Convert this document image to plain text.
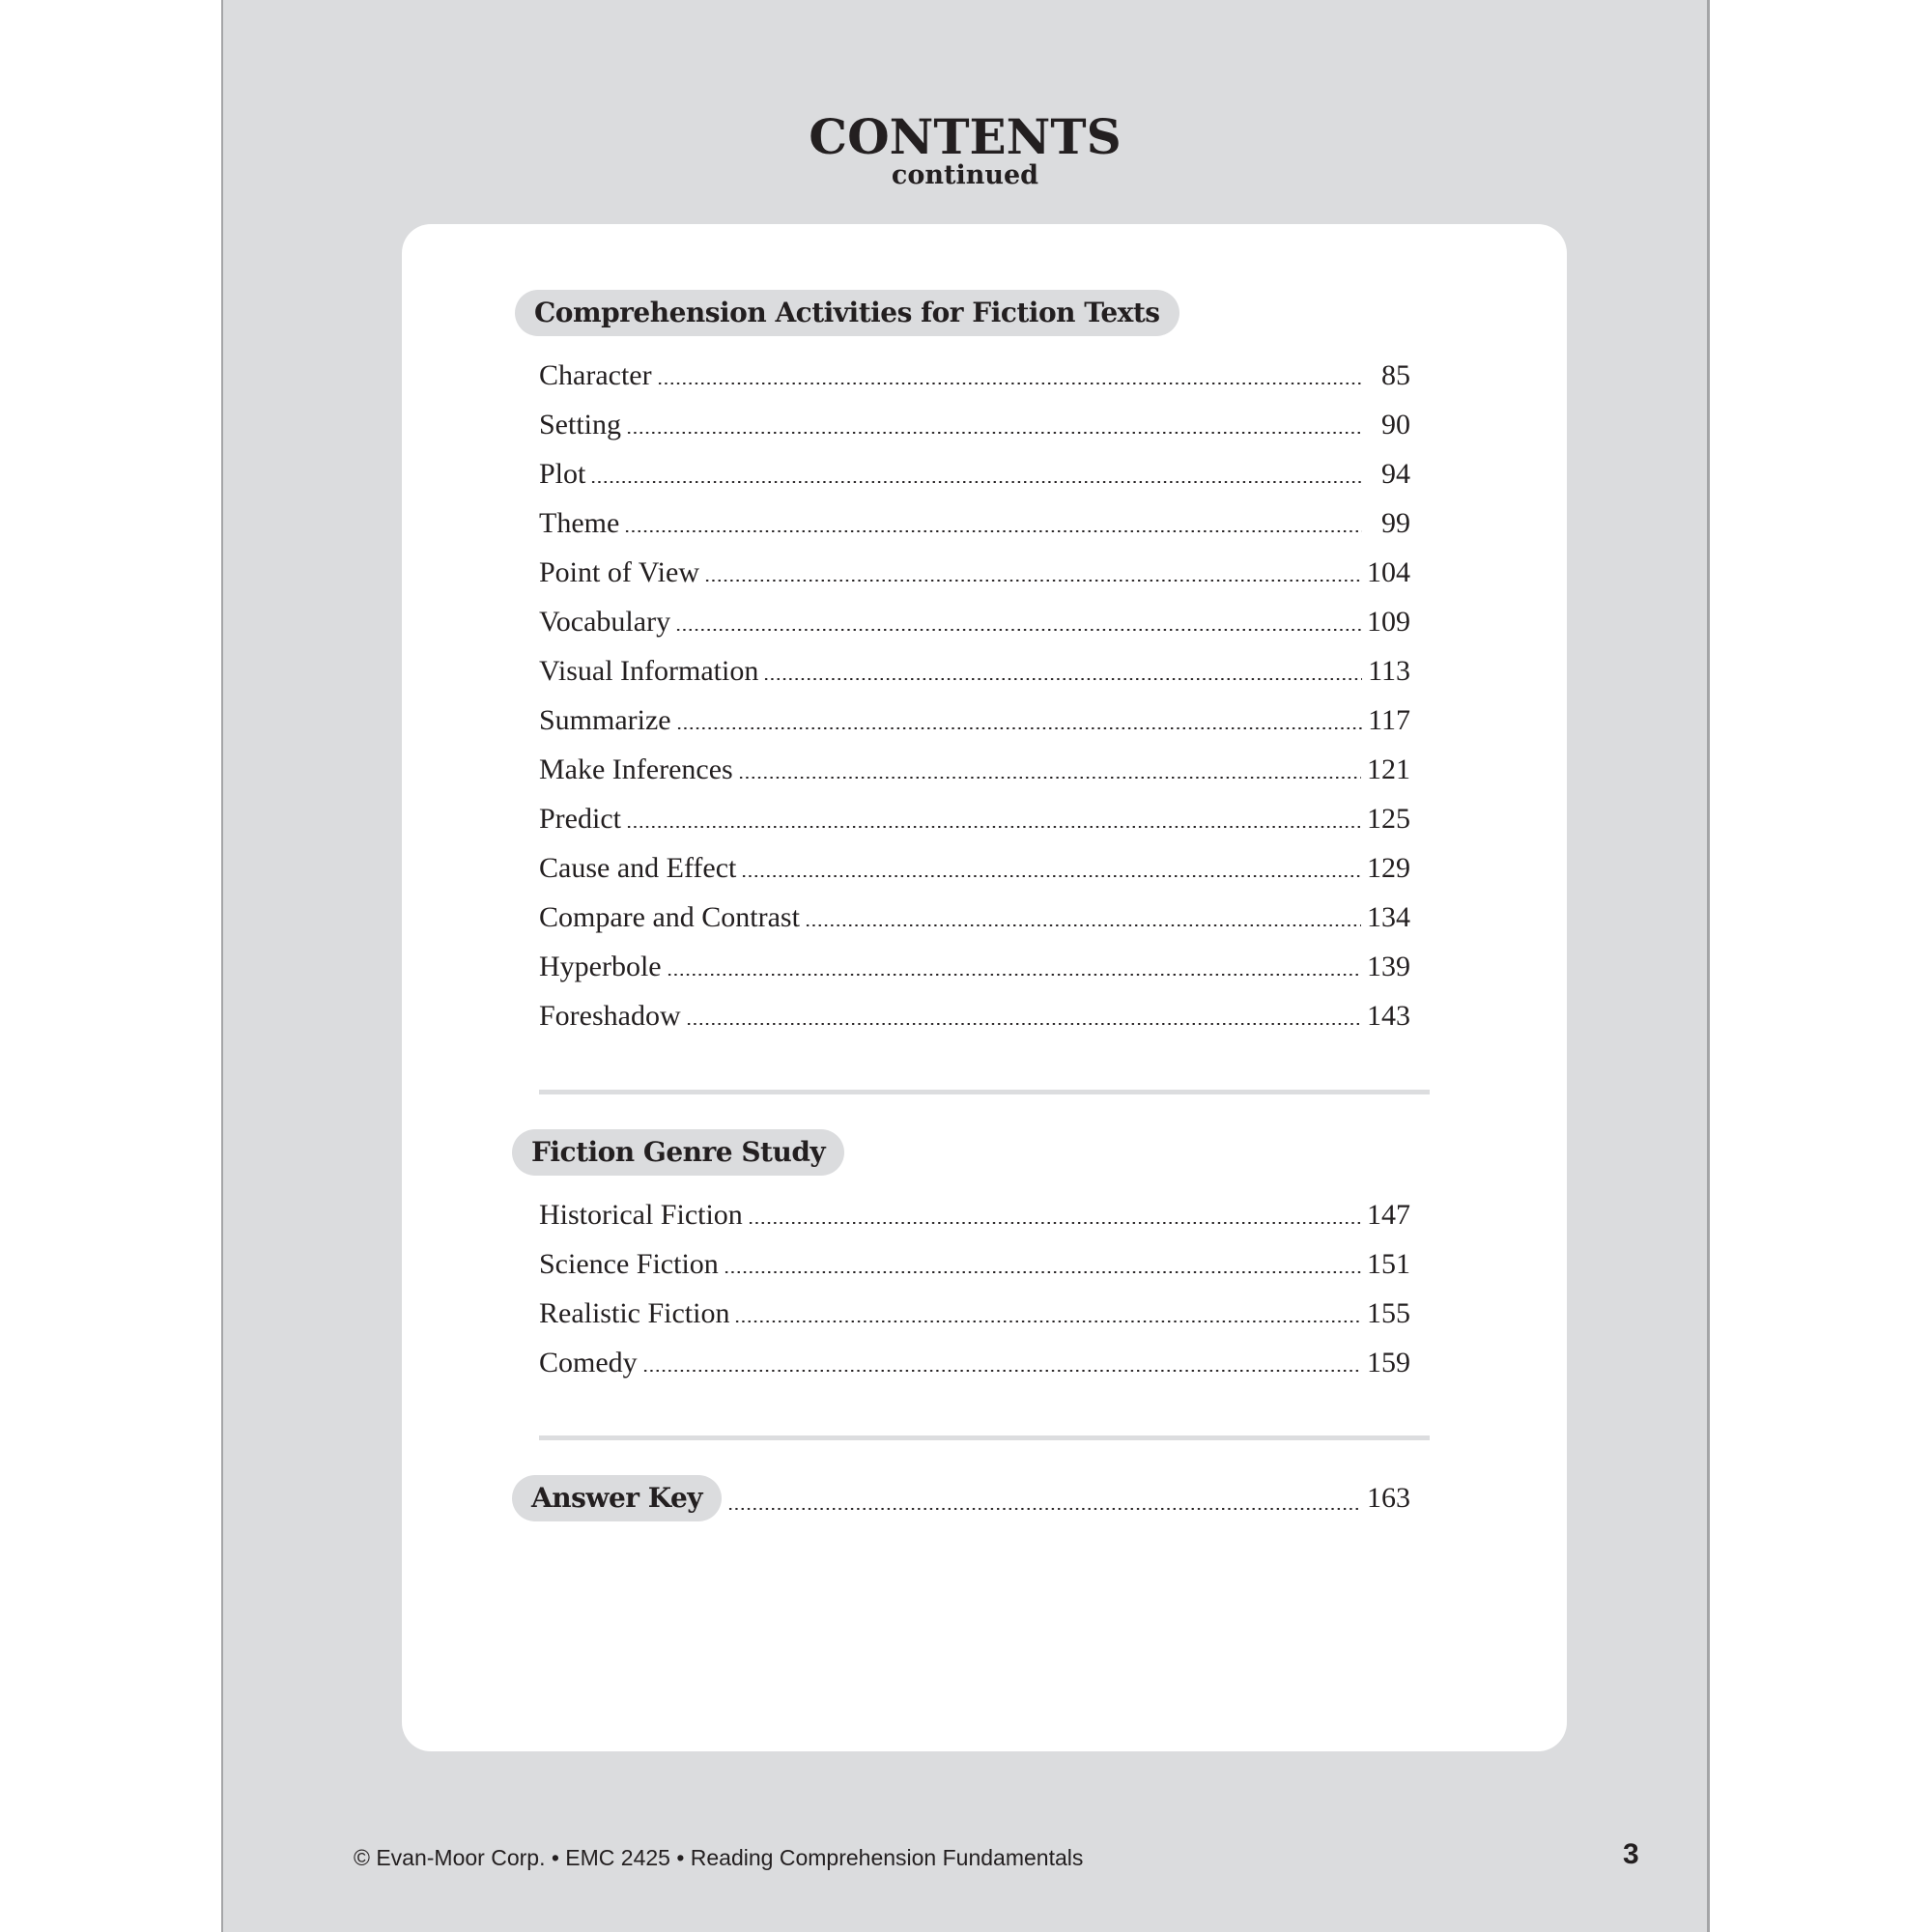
CONTENTS
continued
Comprehension Activities for Fiction Texts
Character	85
Setting	90
Plot	94
Theme	99
Point of View	104
Vocabulary	109
Visual Information	113
Summarize	117
Make Inferences	121
Predict	125
Cause and Effect	129
Compare and Contrast	134
Hyperbole	139
Foreshadow	143
Fiction Genre Study
Historical Fiction	147
Science Fiction	151
Realistic Fiction	155
Comedy	159
Answer Key	163
© Evan-Moor Corp. • EMC 2425 • Reading Comprehension Fundamentals	3
